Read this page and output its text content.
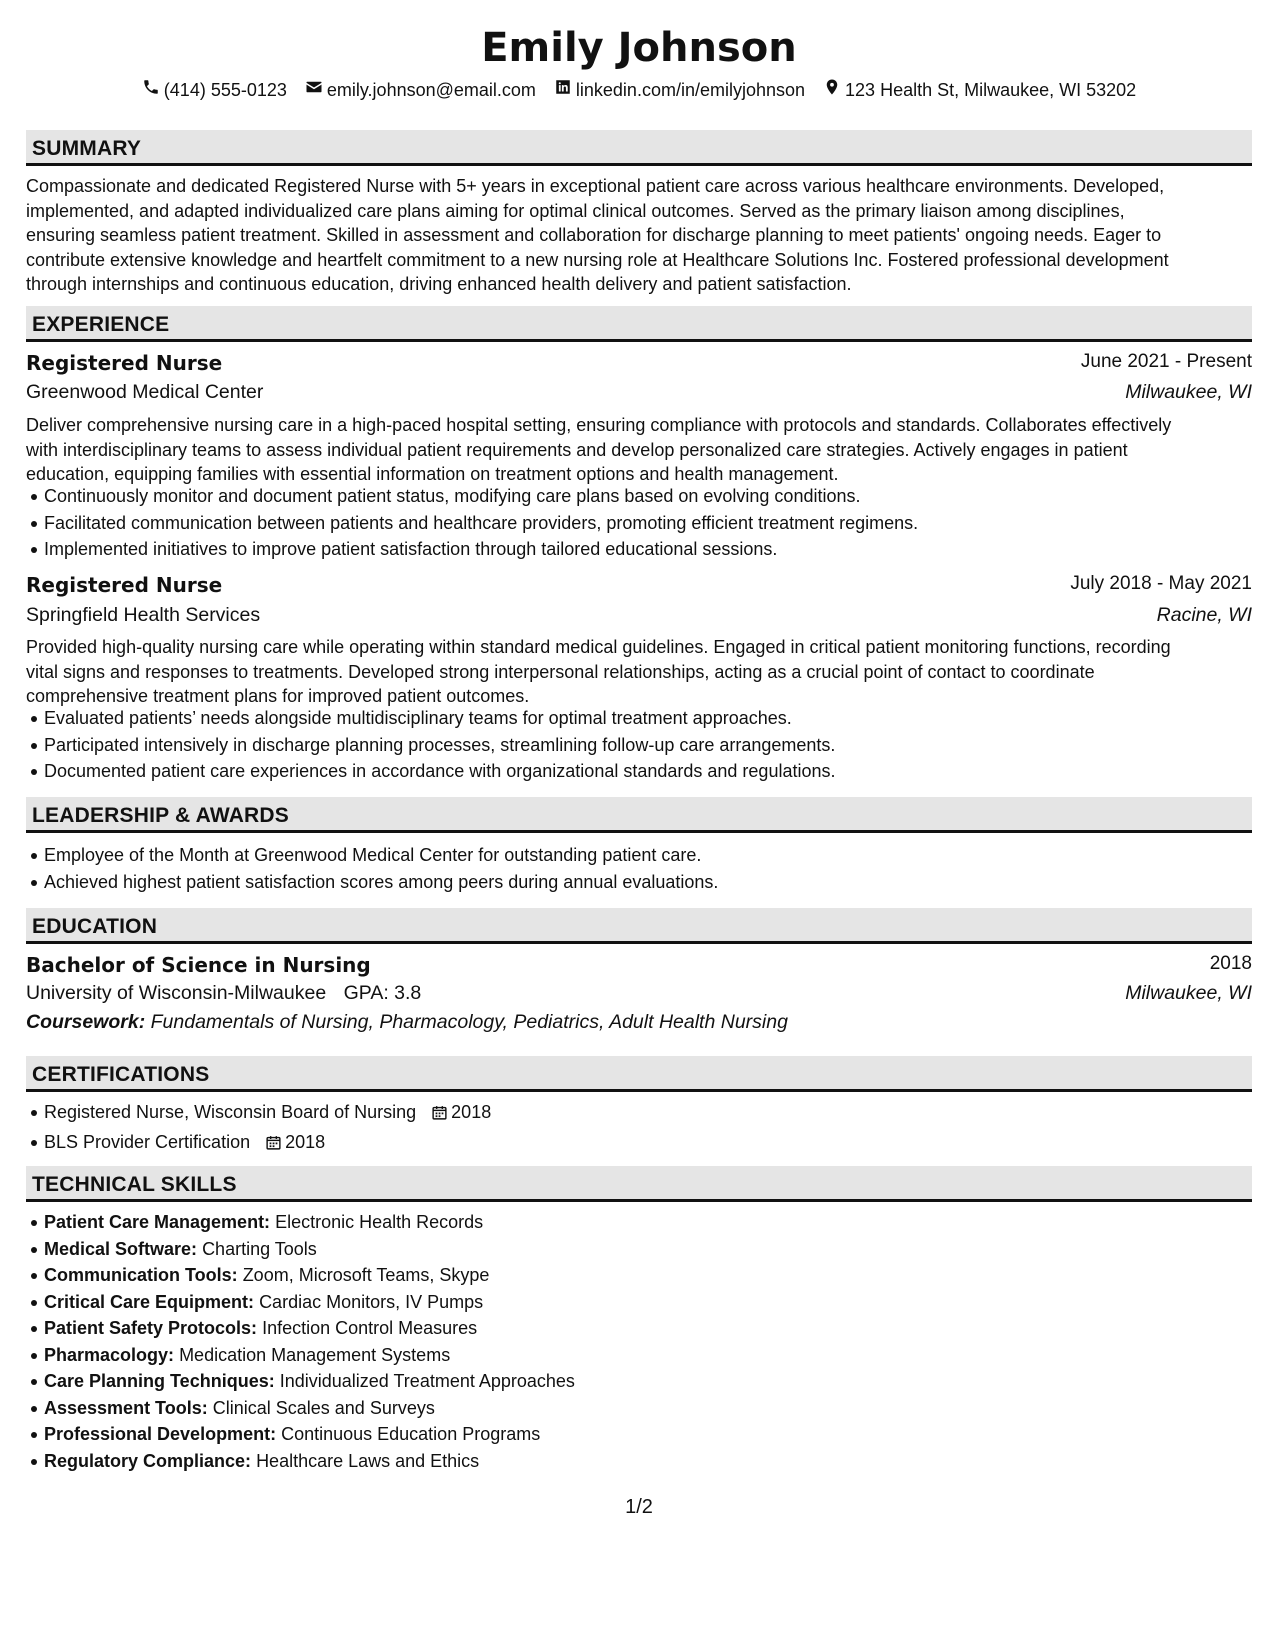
Emily Johnson
(414) 555-0123 emily.johnson@email.com linkedin.com/in/emilyjohnson 123 Health St, Milwaukee, WI 53202
SUMMARY
Compassionate and dedicated Registered Nurse with 5+ years in exceptional patient care across various healthcare environments. Developed,
implemented, and adapted individualized care plans aiming for optimal clinical outcomes. Served as the primary liaison among disciplines,
ensuring seamless patient treatment. Skilled in assessment and collaboration for discharge planning to meet patients' ongoing needs. Eager to
contribute extensive knowledge and heartfelt commitment to a new nursing role at Healthcare Solutions Inc. Fostered professional development
through internships and continuous education, driving enhanced health delivery and patient satisfaction.
EXPERIENCE
Registered Nurse	June 2021 - Present
Greenwood Medical Center	Milwaukee, WI
Deliver comprehensive nursing care in a high-paced hospital setting, ensuring compliance with protocols and standards. Collaborates effectively
with interdisciplinary teams to assess individual patient requirements and develop personalized care strategies. Actively engages in patient
education, equipping families with essential information on treatment options and health management.
Continuously monitor and document patient status, modifying care plans based on evolving conditions.
Facilitated communication between patients and healthcare providers, promoting efficient treatment regimens.
Implemented initiatives to improve patient satisfaction through tailored educational sessions.
Registered Nurse	July 2018 - May 2021
Springfield Health Services	Racine, WI
Provided high-quality nursing care while operating within standard medical guidelines. Engaged in critical patient monitoring functions, recording
vital signs and responses to treatments. Developed strong interpersonal relationships, acting as a crucial point of contact to coordinate
comprehensive treatment plans for improved patient outcomes.
Evaluated patients’ needs alongside multidisciplinary teams for optimal treatment approaches.
Participated intensively in discharge planning processes, streamlining follow-up care arrangements.
Documented patient care experiences in accordance with organizational standards and regulations.
LEADERSHIP & AWARDS
Employee of the Month at Greenwood Medical Center for outstanding patient care.
Achieved highest patient satisfaction scores among peers during annual evaluations.
EDUCATION
Bachelor of Science in Nursing	2018
University of Wisconsin-Milwaukee GPA: 3.8	Milwaukee, WI
Coursework: Fundamentals of Nursing, Pharmacology, Pediatrics, Adult Health Nursing
CERTIFICATIONS
Registered Nurse, Wisconsin Board of Nursing 2018
BLS Provider Certification 2018
TECHNICAL SKILLS
Patient Care Management: Electronic Health Records
Medical Software: Charting Tools
Communication Tools: Zoom, Microsoft Teams, Skype
Critical Care Equipment: Cardiac Monitors, IV Pumps
Patient Safety Protocols: Infection Control Measures
Pharmacology: Medication Management Systems
Care Planning Techniques: Individualized Treatment Approaches
Assessment Tools: Clinical Scales and Surveys
Professional Development: Continuous Education Programs
Regulatory Compliance: Healthcare Laws and Ethics
1/2
